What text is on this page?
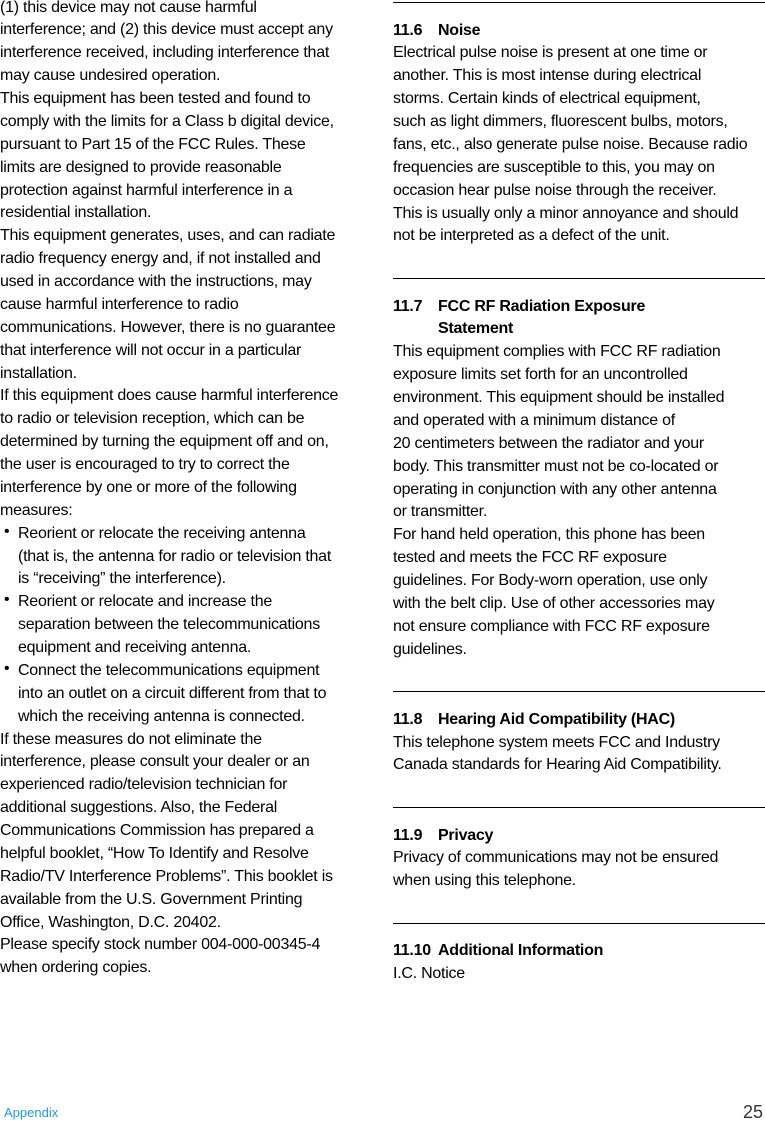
(1) this device may not cause harmful
interference; and (2) this device must accept any
interference received, including interference that
may cause undesired operation.
This equipment has been tested and found to
comply with the limits for a Class b digital device,
pursuant to Part 15 of the FCC Rules. These
limits are designed to provide reasonable
protection against harmful interference in a
residential installation.
This equipment generates, uses, and can radiate
radio frequency energy and, if not installed and
used in accordance with the instructions, may
cause harmful interference to radio
communications. However, there is no guarantee
that interference will not occur in a particular
installation.
If this equipment does cause harmful interference
to radio or television reception, which can be
determined by turning the equipment off and on,
the user is encouraged to try to correct the
interference by one or more of the following
measures:
• Reorient or relocate the receiving antenna
(that is, the antenna for radio or television that
is “receiving” the interference).
• Reorient or relocate and increase the
separation between the telecommunications
equipment and receiving antenna.
• Connect the telecommunications equipment
into an outlet on a circuit different from that to
which the receiving antenna is connected.
If these measures do not eliminate the
interference, please consult your dealer or an
experienced radio/television technician for
additional suggestions. Also, the Federal
Communications Commission has prepared a
helpful booklet, “How To Identify and Resolve
Radio/TV Interference Problems”. This booklet is
available from the U.S. Government Printing
Office, Washington, D.C. 20402.
Please specify stock number 004-000-00345-4
when ordering copies.
11.6 Noise
Electrical pulse noise is present at one time or
another. This is most intense during electrical
storms. Certain kinds of electrical equipment,
such as light dimmers, fluorescent bulbs, motors,
fans, etc., also generate pulse noise. Because radio
frequencies are susceptible to this, you may on
occasion hear pulse noise through the receiver.
This is usually only a minor annoyance and should
not be interpreted as a defect of the unit.
11.7 FCC RF Radiation Exposure
Statement
This equipment complies with FCC RF radiation
exposure limits set forth for an uncontrolled
environment. This equipment should be installed
and operated with a minimum distance of
20 centimeters between the radiator and your
body. This transmitter must not be co-located or
operating in conjunction with any other antenna
or transmitter.
For hand held operation, this phone has been
tested and meets the FCC RF exposure
guidelines. For Body-worn operation, use only
with the belt clip. Use of other accessories may
not ensure compliance with FCC RF exposure
guidelines.
11.8 Hearing Aid Compatibility (HAC)
This telephone system meets FCC and Industry
Canada standards for Hearing Aid Compatibility.
11.9 Privacy
Privacy of communications may not be ensured
when using this telephone.
11.10 Additional Information
I.C. Notice
Appendix	25
